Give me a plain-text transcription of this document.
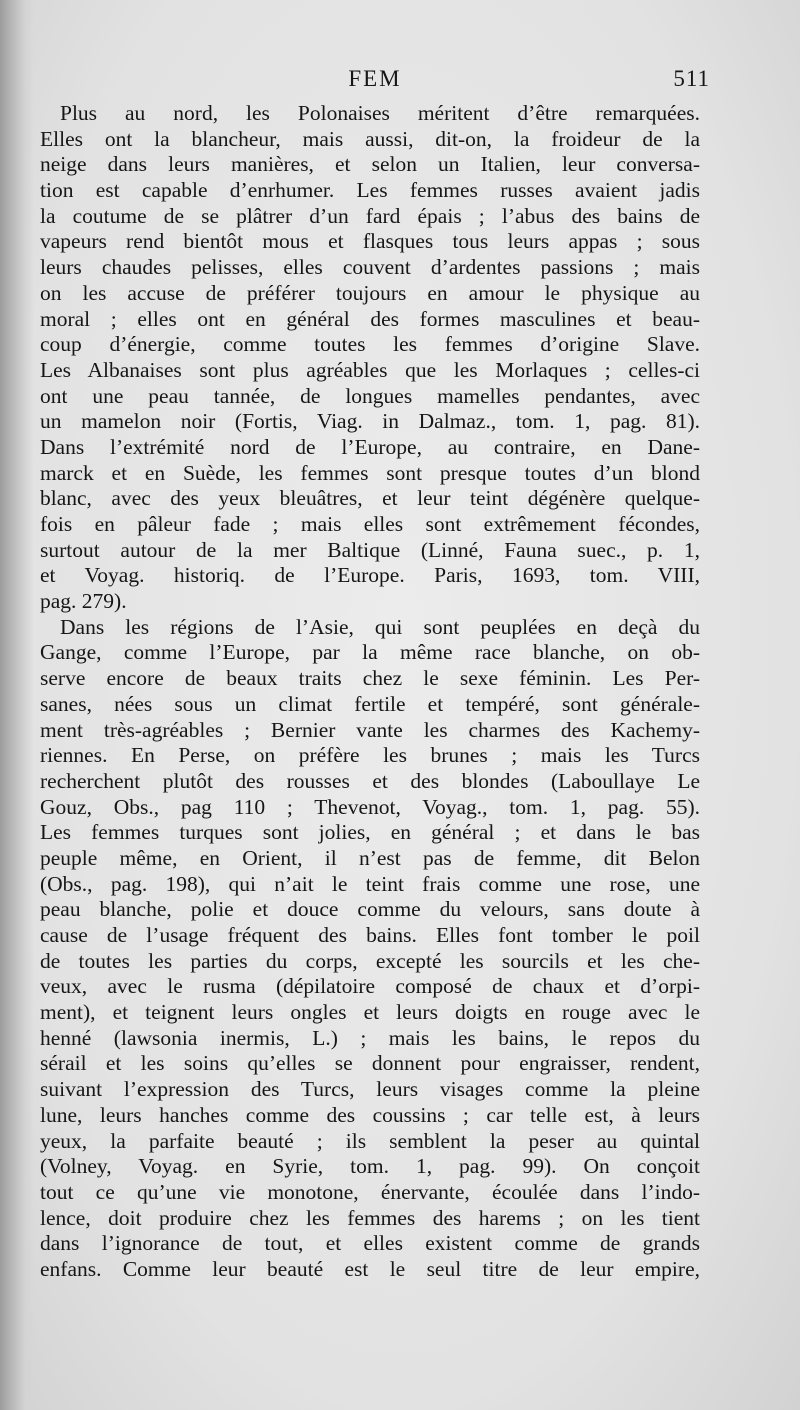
FEM	511
Plus au nord, les Polonaises méritent d’être remarquées.
Elles ont la blancheur, mais aussi, dit-on, la froideur de la
neige dans leurs manières, et selon un Italien, leur conversa-
tion est capable d’enrhumer. Les femmes russes avaient jadis
la coutume de se plâtrer d’un fard épais ; l’abus des bains de
vapeurs rend bientôt mous et flasques tous leurs appas ; sous
leurs chaudes pelisses, elles couvent d’ardentes passions ; mais
on les accuse de préférer toujours en amour le physique au
moral ; elles ont en général des formes masculines et beau-
coup d’énergie, comme toutes les femmes d’origine Slave.
Les Albanaises sont plus agréables que les Morlaques ; celles-ci
ont une peau tannée, de longues mamelles pendantes, avec
un mamelon noir (Fortis, Viag. in Dalmaz., tom. 1, pag. 81).
Dans l’extrémité nord de l’Europe, au contraire, en Dane-
marck et en Suède, les femmes sont presque toutes d’un blond
blanc, avec des yeux bleuâtres, et leur teint dégénère quelque-
fois en pâleur fade ; mais elles sont extrêmement fécondes,
surtout autour de la mer Baltique (Linné, Fauna suec., p. 1,
et Voyag. historiq. de l’Europe. Paris, 1693, tom. VIII,
pag. 279).
Dans les régions de l’Asie, qui sont peuplées en deçà du
Gange, comme l’Europe, par la même race blanche, on ob-
serve encore de beaux traits chez le sexe féminin. Les Per-
sanes, nées sous un climat fertile et tempéré, sont générale-
ment très-agréables ; Bernier vante les charmes des Kachemy-
riennes. En Perse, on préfère les brunes ; mais les Turcs
recherchent plutôt des rousses et des blondes (Laboullaye Le
Gouz, Obs., pag 110 ; Thevenot, Voyag., tom. 1, pag. 55).
Les femmes turques sont jolies, en général ; et dans le bas
peuple même, en Orient, il n’est pas de femme, dit Belon
(Obs., pag. 198), qui n’ait le teint frais comme une rose, une
peau blanche, polie et douce comme du velours, sans doute à
cause de l’usage fréquent des bains. Elles font tomber le poil
de toutes les parties du corps, excepté les sourcils et les che-
veux, avec le rusma (dépilatoire composé de chaux et d’orpi-
ment), et teignent leurs ongles et leurs doigts en rouge avec le
henné (lawsonia inermis, L.) ; mais les bains, le repos du
sérail et les soins qu’elles se donnent pour engraisser, rendent,
suivant l’expression des Turcs, leurs visages comme la pleine
lune, leurs hanches comme des coussins ; car telle est, à leurs
yeux, la parfaite beauté ; ils semblent la peser au quintal
(Volney, Voyag. en Syrie, tom. 1, pag. 99). On conçoit
tout ce qu’une vie monotone, énervante, écoulée dans l’indo-
lence, doit produire chez les femmes des harems ; on les tient
dans l’ignorance de tout, et elles existent comme de grands
enfans. Comme leur beauté est le seul titre de leur empire,
